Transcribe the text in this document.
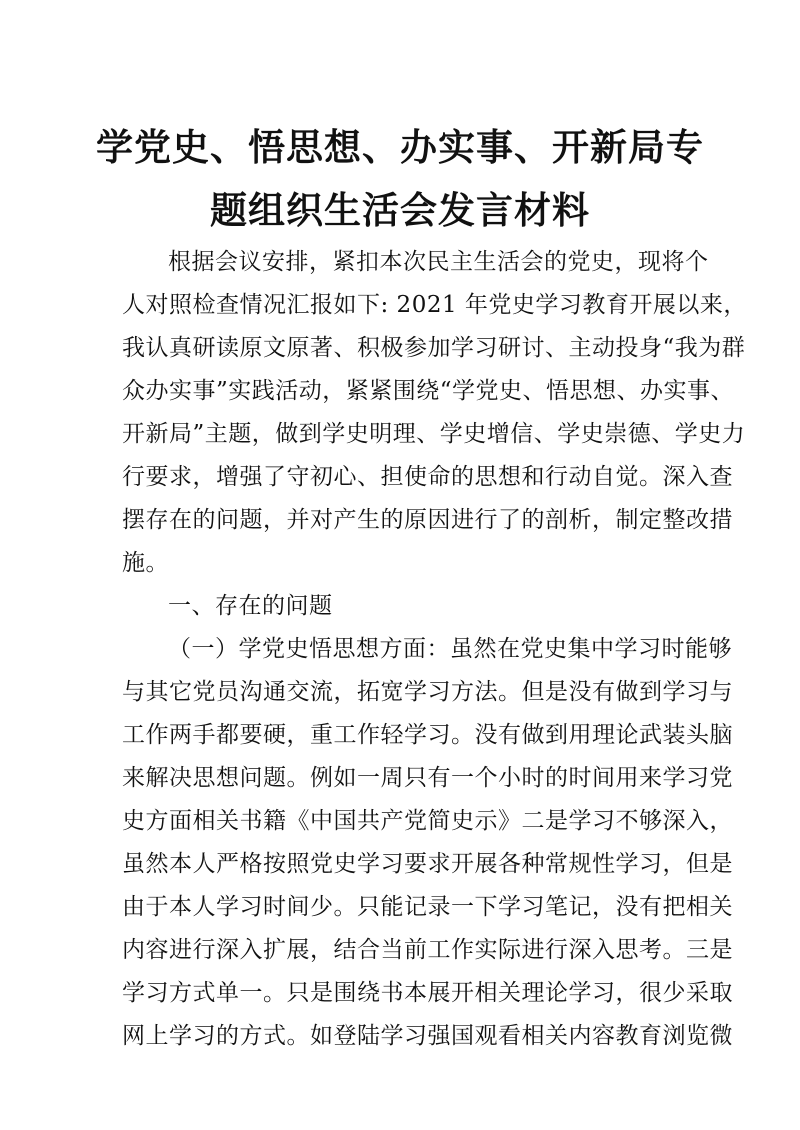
学党史、悟思想、办实事、开新局专
题组织生活会发言材料
根据会议安排，紧扣本次民主生活会的党史，现将个
人对照检查情况汇报如下: 2021 年党史学习教育开展以来，
我认真研读原文原著、积极参加学习研讨、主动投身“我为群
众办实事”实践活动，紧紧围绕“学党史、悟思想、办实事、
开新局”主题，做到学史明理、学史增信、学史崇德、学史力
行要求，增强了守初心、担使命的思想和行动自觉。深入查
摆存在的问题，并对产生的原因进行了的剖析，制定整改措
施。
一、存在的问题
（一）学党史悟思想方面：虽然在党史集中学习时能够
与其它党员沟通交流，拓宽学习方法。但是没有做到学习与
工作两手都要硬，重工作轻学习。没有做到用理论武装头脑
来解决思想问题。例如一周只有一个小时的时间用来学习党
史方面相关书籍《中国共产党简史示》二是学习不够深入，
虽然本人严格按照党史学习要求开展各种常规性学习，但是
由于本人学习时间少。只能记录一下学习笔记，没有把相关
内容进行深入扩展，结合当前工作实际进行深入思考。三是
学习方式单一。只是围绕书本展开相关理论学习，很少采取
网上学习的方式。如登陆学习强国观看相关内容教育浏览微
